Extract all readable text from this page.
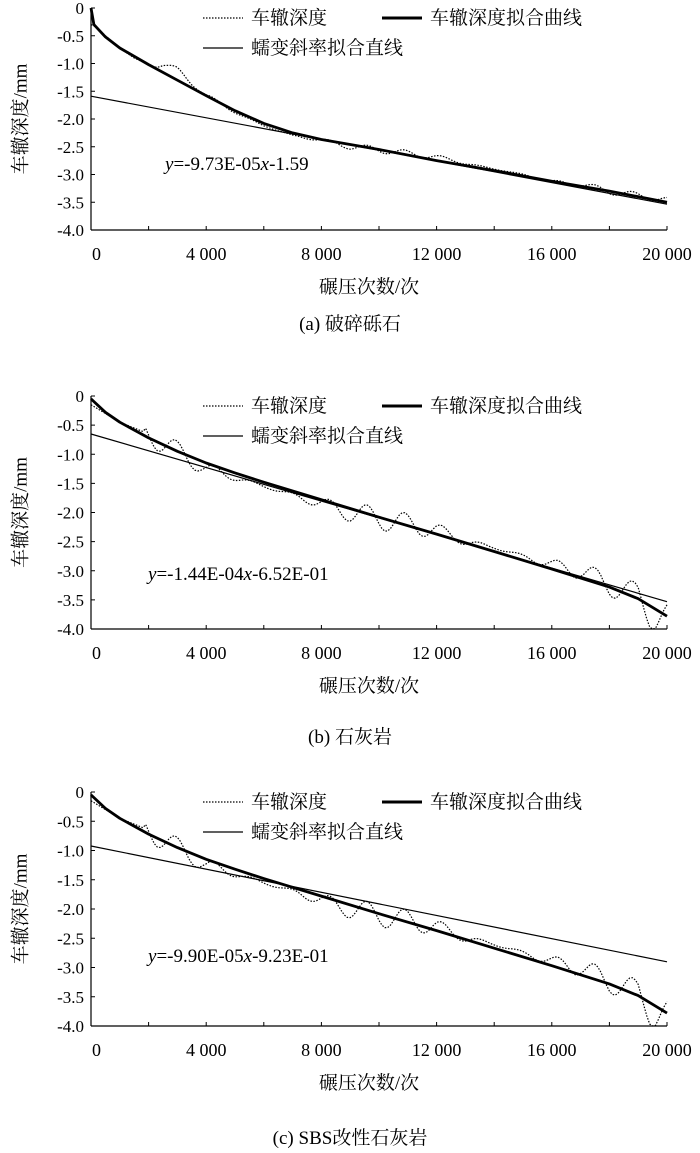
0
-0.5
-1.0
-1.5
-2.0
-2.5
-3.0
-3.5
-4.0
0	4 000	8 000	12 000	16 000	20 000
碾压次数/次
车辙深度/mm
(a) 破碎砾石
y=-9.73E-05x-1.59
车辙深度	车辙深度拟合曲线
蠕变斜率拟合直线
0
-0.5
-1.0
-1.5
-2.0
-2.5
-3.0
-3.5
-4.0
0	4 000	8 000	12 000	16 000	20 000
碾压次数/次
车辙深度/mm
(b) 石灰岩
y=-1.44E-04x-6.52E-01
车辙深度	车辙深度拟合曲线
蠕变斜率拟合直线
0
-0.5
-1.0
-1.5
-2.0
-2.5
-3.0
-3.5
-4.0
0	4 000	8 000	12 000	16 000	20 000
碾压次数/次
车辙深度/mm
(c) SBS改性石灰岩
y=-9.90E-05x-9.23E-01
车辙深度	车辙深度拟合曲线
蠕变斜率拟合直线
